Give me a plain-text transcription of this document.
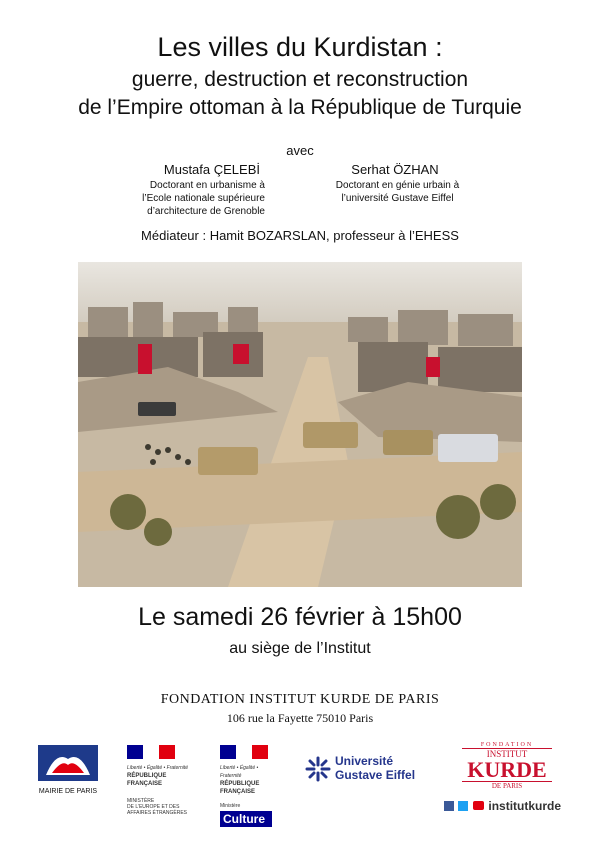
Les villes du Kurdistan :
guerre, destruction et reconstruction
de l’Empire ottoman à la République de Turquie
avec
Mustafa ÇELEBİ
Doctorant en urbanisme à
l’Ecole nationale supérieure
d’architecture de Grenoble
Serhat ÖZHAN
Doctorant en génie urbain à
l’université Gustave Eiffel
Médiateur : Hamit BOZARSLAN, professeur à l’EHESS
Le samedi 26 février à 15h00
au siège de l’Institut
FONDATION INSTITUT KURDE DE PARIS
106 rue la Fayette 75010 Paris
MAIRIE DE PARIS
Liberté • Égalité • Fraternité
RÉPUBLIQUE FRANÇAISE
MINISTÈRE
DE L’EUROPE ET DES
AFFAIRES ÉTRANGÈRES
Liberté • Égalité • Fraternité
RÉPUBLIQUE FRANÇAISE
Ministère
Culture
Université
Gustave Eiffel
FONDATION
INSTITUT
KURDE
DE PARIS
institutkurde
